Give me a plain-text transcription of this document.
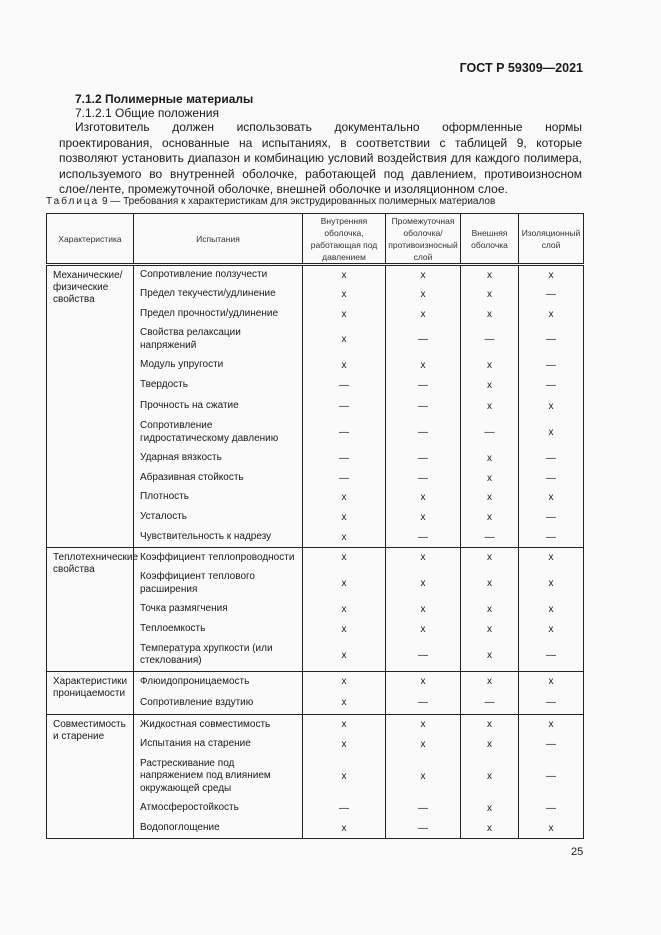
ГОСТ Р 59309—2021
7.1.2 Полимерные материалы
7.1.2.1 Общие положения
Изготовитель должен использовать документально оформленные нормы проектирования, основанные на испытаниях, в соответствии с таблицей 9, которые позволяют установить диапазон и комбинацию условий воздействия для каждого полимера, используемого во внутренней оболочке, работающей под давлением, противоизносном слое/ленте, промежуточной оболочке, внешней оболочке и изоляционном слое.
Таблица 9 — Требования к характеристикам для экструдированных полимерных материалов
Характеристика	Испытания	Внутренняя оболочка, работающая под давлением	Промежуточная оболочка/ противоизносный слой	Внешняя оболочка	Изоляционный слой
Механические/ физические свойства	Сопротивление ползучести	x	x	x	x
	Предел текучести/удлинение	x	x	x	—
	Предел прочности/удлинение	x	x	x	x
	Свойства релаксации напряжений	x	—	—	—
	Модуль упругости	x	x	x	—
	Твердость	—	—	x	—
	Прочность на сжатие	—	—	x	x
	Сопротивление гидростатическому давлению	—	—	—	x
	Ударная вязкость	—	—	x	—
	Абразивная стойкость	—	—	x	—
	Плотность	x	x	x	x
	Усталость	x	x	x	—
	Чувствительность к надрезу	x	—	—	—
Теплотехнические свойства	Коэффициент теплопроводности	x	x	x	x
	Коэффициент теплового расширения	x	x	x	x
	Точка размягчения	x	x	x	x
	Теплоемкость	x	x	x	x
	Температура хрупкости (или стеклования)	x	—	x	—
Характеристики проницаемости	Флюидопроницаемость	x	x	x	x
	Сопротивление вздутию	x	—	—	—
Совместимость и старение	Жидкостная совместимость	x	x	x	x
	Испытания на старение	x	x	x	—
	Растрескивание под напряжением под влиянием окружающей среды	x	x	x	—
	Атмосферостойкость	—	—	x	—
	Водопоглощение	x	—	x	x
25
